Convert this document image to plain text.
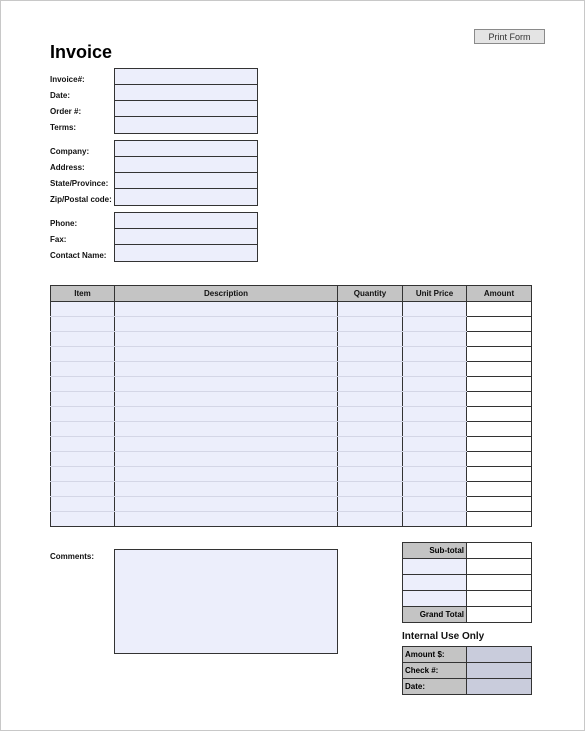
Print Form
Invoice
Invoice#:
Date:
Order #:
Terms:
Company:
Address:
State/Province:
Zip/Postal code:
Phone:
Fax:
Contact Name:
Item	Description	Quantity	Unit Price	Amount

Comments:
Sub-total	

Grand Total	
Internal Use Only
Amount $:	
Check #:	
Date:	
